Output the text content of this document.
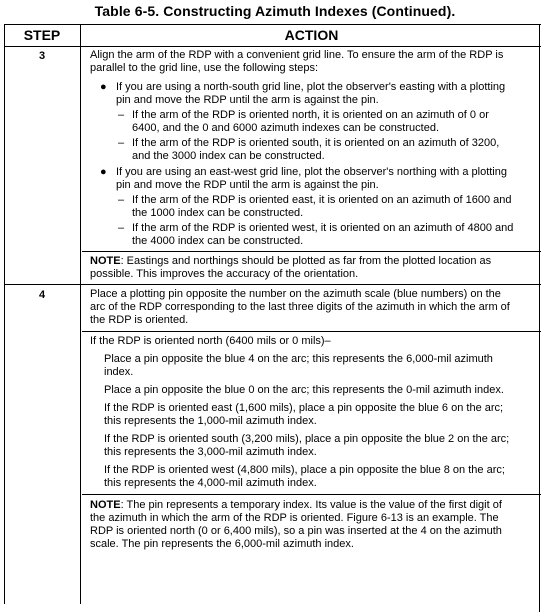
Table 6-5. Constructing Azimuth Indexes (Continued).
STEP	ACTION
3	Align the arm of the RDP with a convenient grid line. To ensure the arm of the RDP is
parallel to the grid line, use the following steps:
● If you are using a north-south grid line, plot the observer's easting with a plotting
pin and move the RDP until the arm is against the pin.
– If the arm of the RDP is oriented north, it is oriented on an azimuth of 0 or
6400, and the 0 and 6000 azimuth indexes can be constructed.
– If the arm of the RDP is oriented south, it is oriented on an azimuth of 3200,
and the 3000 index can be constructed.
● If you are using an east-west grid line, plot the observer's northing with a plotting
pin and move the RDP until the arm is against the pin.
– If the arm of the RDP is oriented east, it is oriented on an azimuth of 1600 and
the 1000 index can be constructed.
– If the arm of the RDP is oriented west, it is oriented on an azimuth of 4800 and
the 4000 index can be constructed.
NOTE: Eastings and northings should be plotted as far from the plotted location as
possible. This improves the accuracy of the orientation.
4	Place a plotting pin opposite the number on the azimuth scale (blue numbers) on the
arc of the RDP corresponding to the last three digits of the azimuth in which the arm of
the RDP is oriented.
If the RDP is oriented north (6400 mils or 0 mils)–
Place a pin opposite the blue 4 on the arc; this represents the 6,000-mil azimuth
index.
Place a pin opposite the blue 0 on the arc; this represents the 0-mil azimuth index.
If the RDP is oriented east (1,600 mils), place a pin opposite the blue 6 on the arc;
this represents the 1,000-mil azimuth index.
If the RDP is oriented south (3,200 mils), place a pin opposite the blue 2 on the arc;
this represents the 3,000-mil azimuth index.
If the RDP is oriented west (4,800 mils), place a pin opposite the blue 8 on the arc;
this represents the 4,000-mil azimuth index.
NOTE: The pin represents a temporary index. Its value is the value of the first digit of
the azimuth in which the arm of the RDP is oriented. Figure 6-13 is an example. The
RDP is oriented north (0 or 6,400 mils), so a pin was inserted at the 4 on the azimuth
scale. The pin represents the 6,000-mil azimuth index.
